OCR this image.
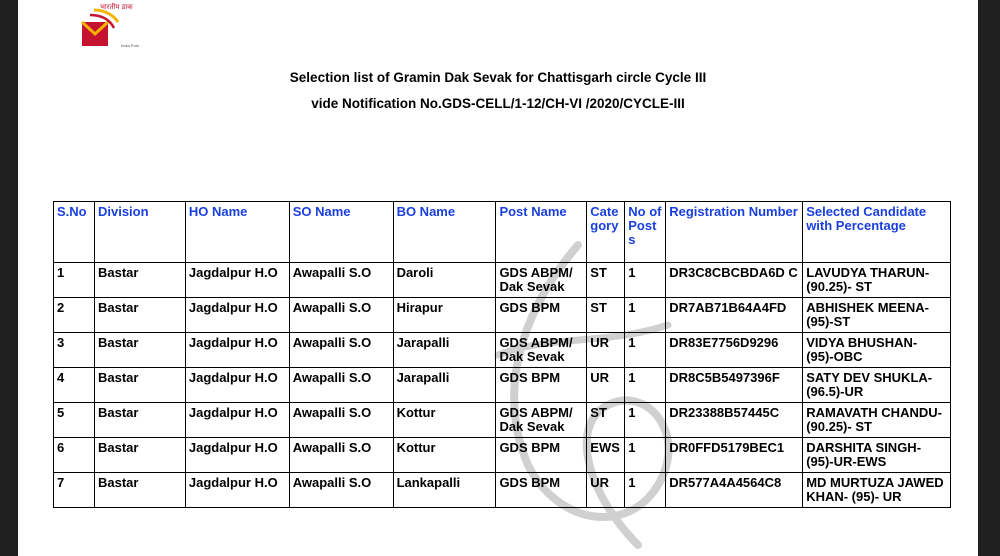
भारतीय डाक
India Post
Selection list of Gramin Dak Sevak for Chattisgarh circle Cycle III
vide Notification No.GDS-CELL/1-12/CH-VI /2020/CYCLE-III
S.No	Division	HO Name	SO Name	BO Name	Post Name	Cate gory	No of Post s	Registration Number	Selected Candidate with Percentage
1	Bastar	Jagdalpur H.O	Awapalli S.O	Daroli	GDS ABPM/ Dak Sevak	ST	1	DR3C8CBCBDA6D C	LAVUDYA THARUN- (90.25)- ST
2	Bastar	Jagdalpur H.O	Awapalli S.O	Hirapur	GDS BPM	ST	1	DR7AB71B64A4FD	ABHISHEK MEENA- (95)-ST
3	Bastar	Jagdalpur H.O	Awapalli S.O	Jarapalli	GDS ABPM/ Dak Sevak	UR	1	DR83E7756D9296	VIDYA BHUSHAN- (95)-OBC
4	Bastar	Jagdalpur H.O	Awapalli S.O	Jarapalli	GDS BPM	UR	1	DR8C5B5497396F	SATY DEV SHUKLA- (96.5)-UR
5	Bastar	Jagdalpur H.O	Awapalli S.O	Kottur	GDS ABPM/ Dak Sevak	ST	1	DR23388B57445C	RAMAVATH CHANDU- (90.25)- ST
6	Bastar	Jagdalpur H.O	Awapalli S.O	Kottur	GDS BPM	EWS	1	DR0FFD5179BEC1	DARSHITA SINGH- (95)-UR-EWS
7	Bastar	Jagdalpur H.O	Awapalli S.O	Lankapalli	GDS BPM	UR	1	DR577A4A4564C8	MD MURTUZA JAWED KHAN- (95)- UR
